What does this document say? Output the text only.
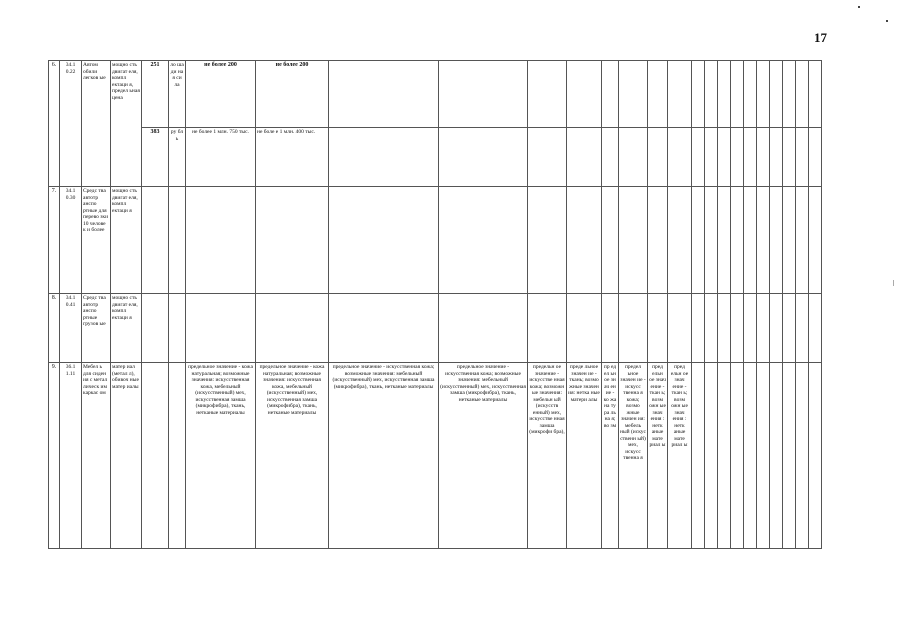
17
6.	34.1 0.22	Автом обили легков ые	мощно сть двигат еля, компл ектаци я, предел ьная цена	251	ло ша ди на я си ла	не более 200	не более 200																		
				383	ру бл ь	не более 1 млн. 750 тыс.	не боле е 1 млн. 400 тыс.																		
7.	34.1 0.30	Средс тва автотр анспо ртные для перево зки 10 челове к и более	мощно сть двигат еля, компл ектаци я																						
8.	34.1 0.41	Средс тва автотр анспо ртные грузов ые	мощно сть двигат еля, компл ектаци я																						
9.	36.1 1.11	Мебел ь для сиден ия с метал лическ им каркас ом	матер иал (метал л), обивоч ные матер иалы			предельное значение - кожа натуральная; возможные значения: искусственная кожа, мебельный (искусственный) мех, искусственная замша (микрофибра), ткань, нетканые материалы	предельное значение - кожа натуральная; возможные значения: искусственная кожа, мебельный (искусственный) мех, искусственная замша (микрофибра), ткань, нетканые материалы	предельное значение - искусственная кожа; возможные значения: мебельный (искусственный) мех, искусственная замша (микрофибра), ткань, нетканые материалы	предельное значение - искусственная кожа; возможные значения: мебельный (искусственный) мех, искусственная замша (микрофибра), ткань, нетканые материалы	предельн ое значение - искусстве нная кожа; возможн ые значения: мебельн ый (искусств енный) мех, искусстве нная замша (микрофи бра),	преде льное значен ие - ткань; возмо жные значен ия: нетка ные матери алы	пр ед ел ьн ое зн ач ен ие - ко жа на ту ра ль на я; во зм	предел ьное значен ие - искусс твенна я кожа; возмо жные значен ия: мебель ный (искус ственн ый) мех, искусс твенна я	пред ельн ое знач ение - ткан ь; возм ожн ые знач ения : нетк аные мате риал ы	пред ельн ое знач ение - ткан ь; возм ожн ые знач ения : нетк аные мате риал ы										
